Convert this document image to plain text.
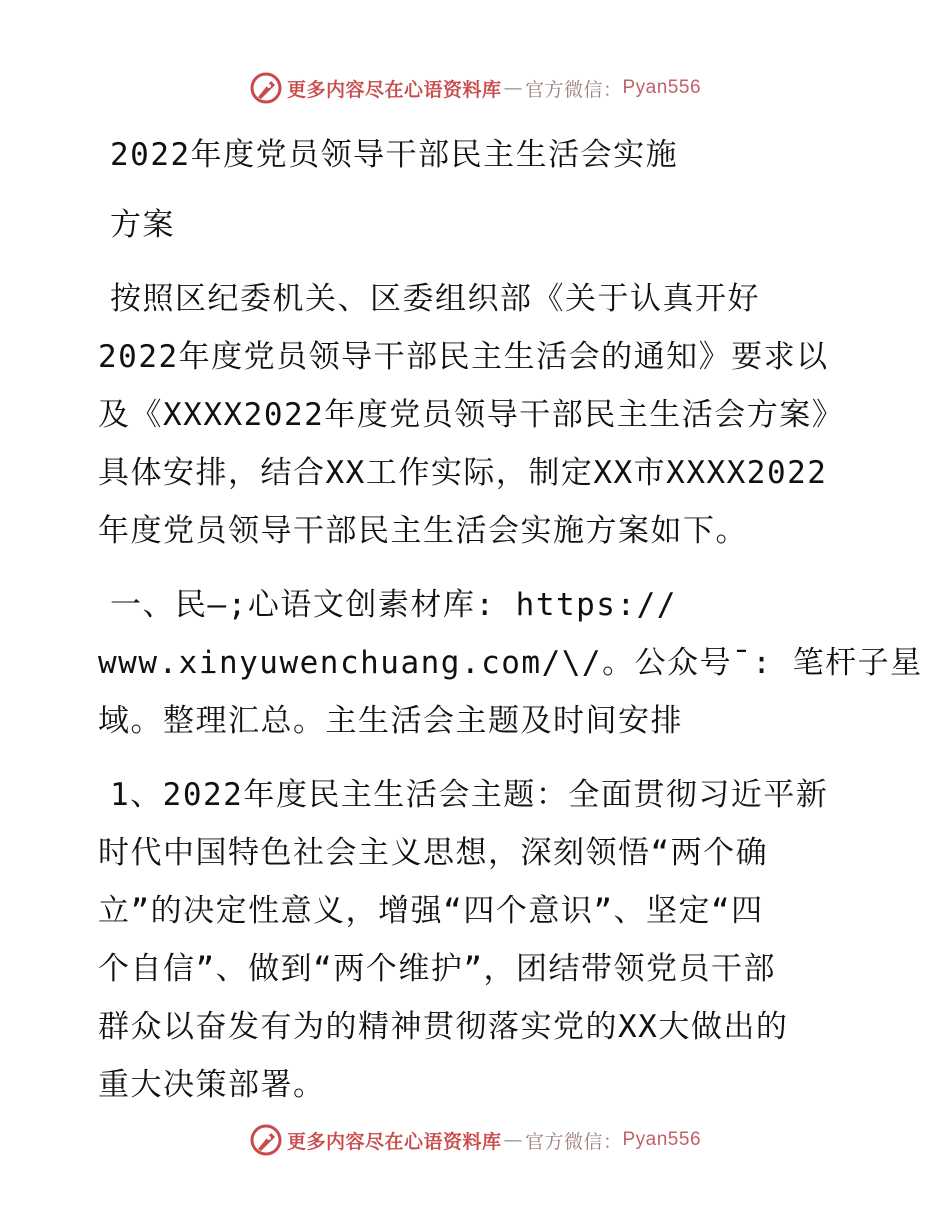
更多内容尽在心语资料库 — 官方微信： Pyan556

2022年度党员领导干部民主生活会实施

方案

按照区纪委机关、区委组织部《关于认真开好
2022年度党员领导干部民主生活会的通知》要求以
及《XXXX2022年度党员领导干部民主生活会方案》
具体安排，结合XX工作实际，制定XX市XXXX2022
年度党员领导干部民主生活会实施方案如下。

一、民—;心语文创素材库: https://
www.xinyuwenchuang.com/\/。公众号¯: 笔杆子星
域。整理汇总。主生活会主题及时间安排

1、2022年度民主生活会主题：全面贯彻习近平新
时代中国特色社会主义思想，深刻领悟“两个确
立”的决定性意义，增强“四个意识”、坚定“四
个自信”、做到“两个维护”，团结带领党员干部
群众以奋发有为的精神贯彻落实党的XX大做出的
重大决策部署。

更多内容尽在心语资料库 — 官方微信： Pyan556
